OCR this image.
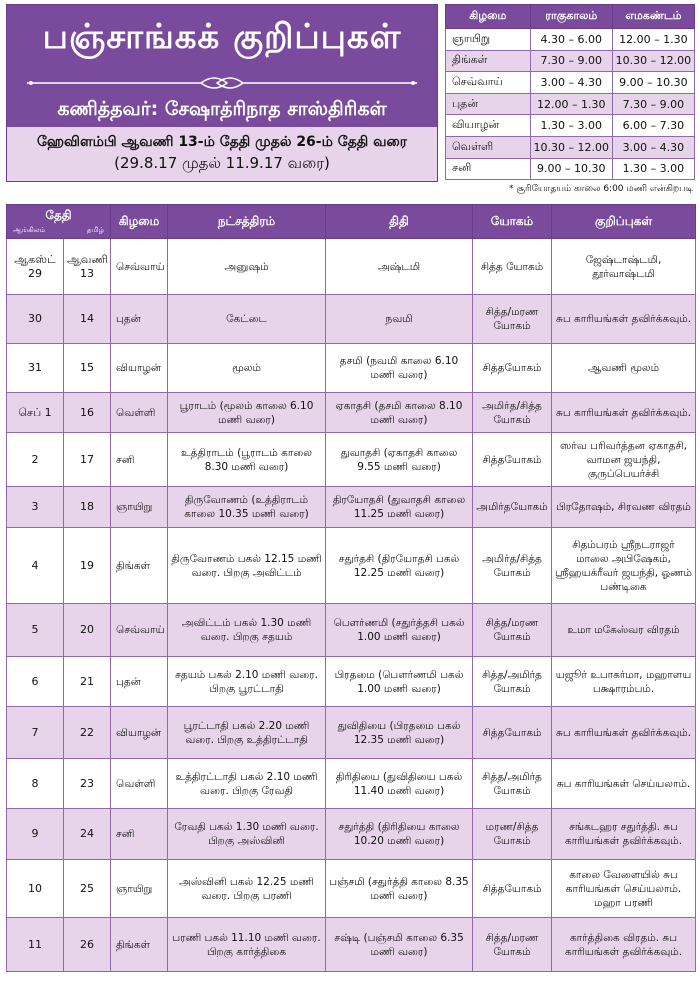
பஞ்சாங்கக் குறிப்புகள்
கணித்தவர்: சேஷாத்ரிநாத சாஸ்திரிகள்
ஹேவிளம்பி ஆவணி 13-ம் தேதி முதல் 26-ம் தேதி வரை
(29.8.17 முதல் 11.9.17 வரை)
கிழமை	ராகுகாலம்	எமகண்டம்
ஞாயிறு	4.30 – 6.00	12.00 – 1.30
திங்கள்	7.30 – 9.00	10.30 – 12.00
செவ்வாய்	3.00 – 4.30	9.00 – 10.30
புதன்	12.00 – 1.30	7.30 – 9.00
வியாழன்	1.30 – 3.00	6.00 – 7.30
வெள்ளி	10.30 – 12.00	3.00 – 4.30
சனி	9.00 – 10.30	1.30 – 3.00
* சூரியோதயம் காலை 6:00 மணி என்கிறபடி
தேதி
ஆங்கிலம் தமிழ்		கிழமை	நட்சத்திரம்	திதி	யோகம்	குறிப்புகள்
ஆகஸ்ட் 29	ஆவணி 13	செவ்வாய்	அனுஷம்	அஷ்டமி	சித்த யோகம்	ஜேஷ்டாஷ்டமி, தூர்வாஷ்டமி
30	14	புதன்	கேட்டை	நவமி	சித்த/மரண யோகம்	சுப காரியங்கள் தவிர்க்கவும்.
31	15	வியாழன்	மூலம்	தசமி (நவமி காலை 6.10 மணி வரை)	சித்தயோகம்	ஆவணி மூலம்
செப் 1	16	வெள்ளி	பூராடம் (மூலம் காலை 6.10 மணி வரை)	ஏகாதசி (தசமி காலை 8.10 மணி வரை)	அமிர்த/சித்த யோகம்	சுப காரியங்கள் தவிர்க்கவும்.
2	17	சனி	உத்திராடம் (பூராடம் காலை 8.30 மணி வரை)	துவாதசி (ஏகாதசி காலை 9.55 மணி வரை)	சித்தயோகம்	ஸர்வ பரிவர்த்தன ஏகாதசி, வாமன ஜயந்தி, குருப்பெயர்ச்சி
3	18	ஞாயிறு	திருவோணம் (உத்திராடம் காலை 10.35 மணி வரை)	திரயோதசி (துவாதசி காலை 11.25 மணி வரை)	அமிர்தயோகம்	பிரதோஷம், சிரவண விரதம்
4	19	திங்கள்	திருவோணம் பகல் 12.15 மணி வரை. பிறகு அவிட்டம்	சதுர்தசி (திரயோதசி பகல் 12.25 மணி வரை)	அமிர்த/சித்த யோகம்	சிதம்பரம் ஸ்ரீநடராஜர் மாலை அபிஷேகம், ஸ்ரீஹயக்ரீவர் ஜயந்தி, ஓணம் பண்டிகை
5	20	செவ்வாய்	அவிட்டம் பகல் 1.30 மணி வரை. பிறகு சதயம்	பௌர்ணமி (சதுர்த்தசி பகல் 1.00 மணி வரை)	சித்த/மரண யோகம்	உமா மகேஸ்வர விரதம்
6	21	புதன்	சதயம் பகல் 2.10 மணி வரை. பிறகு பூரட்டாதி	பிரதமை (பௌர்ணமி பகல் 1.00 மணி வரை)	சித்த/அமிர்த யோகம்	யஜூர் உபாகர்மா, மஹாளய பக்ஷாரம்பம்.
7	22	வியாழன்	பூரட்டாதி பகல் 2.20 மணி வரை. பிறகு உத்திரட்டாதி	துவிதியை (பிரதமை பகல் 12.35 மணி வரை)	சித்தயோகம்	சுப காரியங்கள் தவிர்க்கவும்.
8	23	வெள்ளி	உத்திரட்டாதி பகல் 2.10 மணி வரை. பிறகு ரேவதி	திரிதியை (துவிதியை பகல் 11.40 மணி வரை)	சித்த/அமிர்த யோகம்	சுப காரியங்கள் செய்யலாம்.
9	24	சனி	ரேவதி பகல் 1.30 மணி வரை. பிறகு அஸ்வினி	சதுர்த்தி (திரிதியை காலை 10.20 மணி வரை)	மரண/சித்த யோகம்	சங்கடஹர சதுர்த்தி. சுப காரியங்கள் தவிர்க்கவும்.
10	25	ஞாயிறு	அஸ்வினி பகல் 12.25 மணி வரை. பிறகு பரணி	பஞ்சமி (சதுர்த்தி காலை 8.35 மணி வரை)	சித்தயோகம்	காலை வேளையில் சுப காரியங்கள் செய்யலாம். மஹா பரணி
11	26	திங்கள்	பரணி பகல் 11.10 மணி வரை. பிறகு கார்த்திகை	சஷ்டி (பஞ்சமி காலை 6.35 மணி வரை)	சித்த/மரண யோகம்	கார்த்திகை விரதம். சுப காரியங்கள் தவிர்க்கவும்.
